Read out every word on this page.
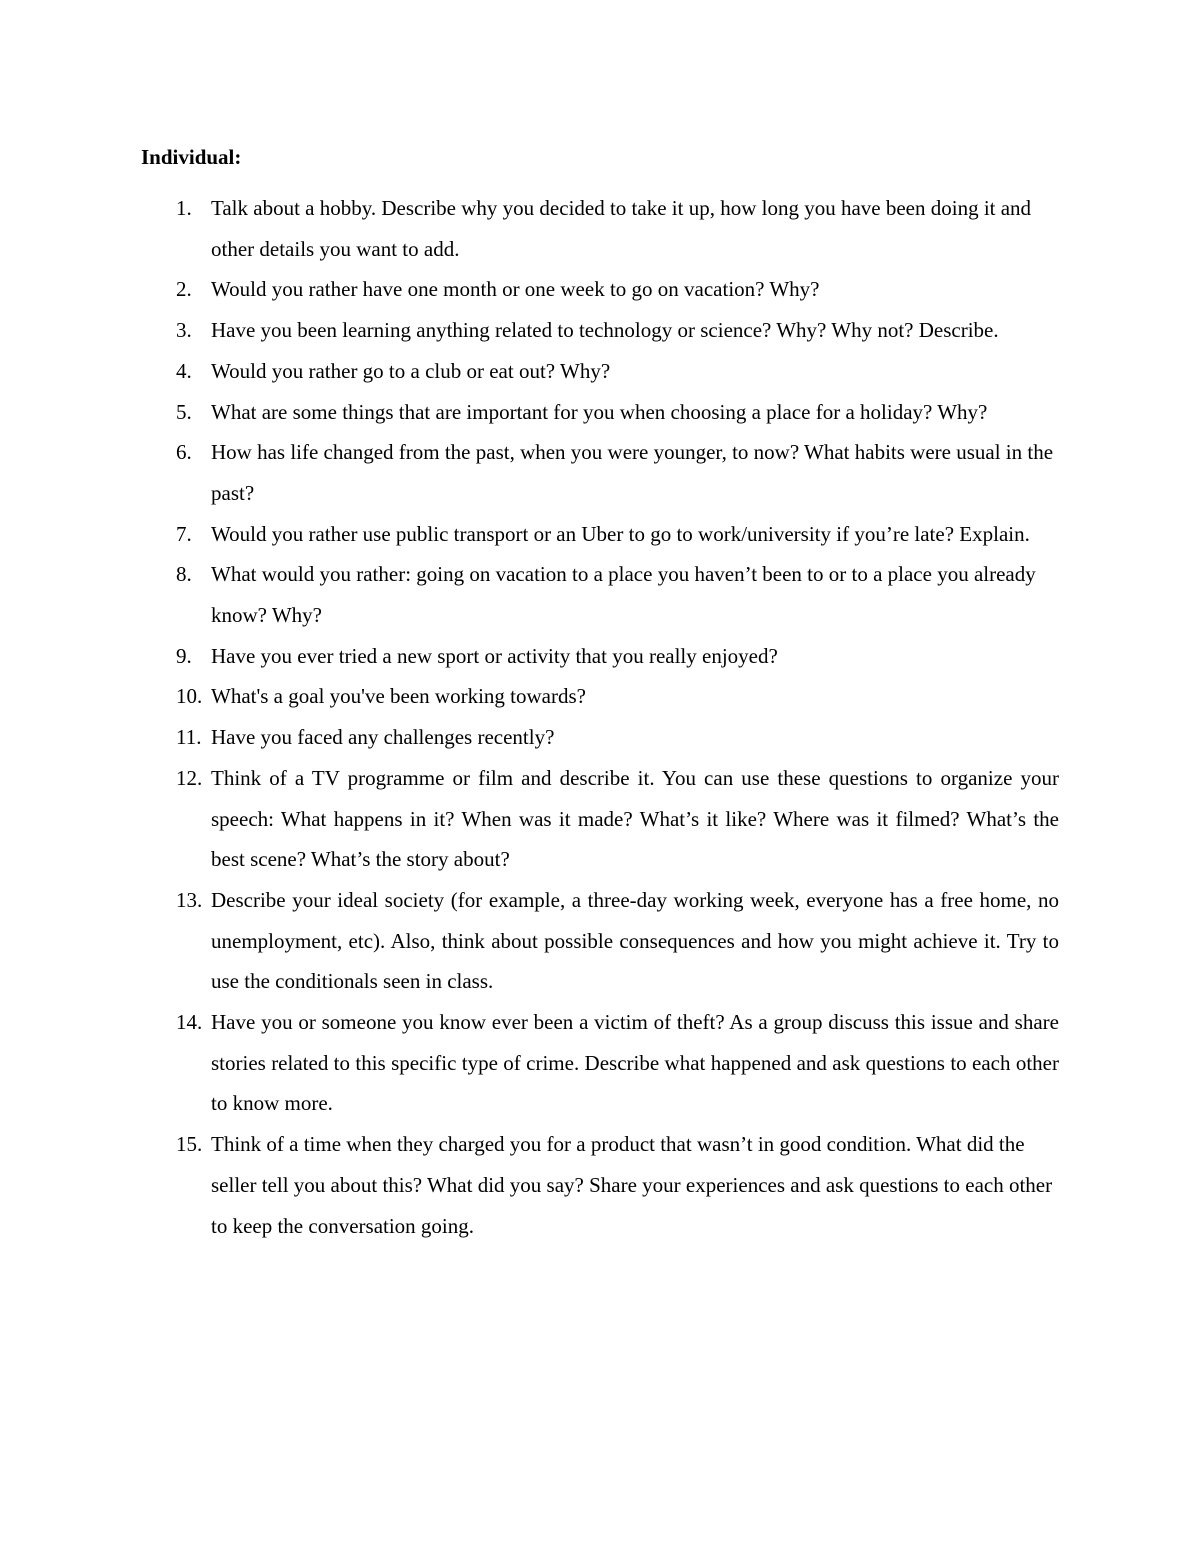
Individual:
1. Talk about a hobby. Describe why you decided to take it up, how long you have been doing it and other details you want to add.
2. Would you rather have one month or one week to go on vacation? Why?
3. Have you been learning anything related to technology or science? Why? Why not? Describe.
4. Would you rather go to a club or eat out? Why?
5. What are some things that are important for you when choosing a place for a holiday? Why?
6. How has life changed from the past, when you were younger, to now? What habits were usual in the past?
7. Would you rather use public transport or an Uber to go to work/university if you’re late? Explain.
8. What would you rather: going on vacation to a place you haven’t been to or to a place you already know? Why?
9. Have you ever tried a new sport or activity that you really enjoyed?
10. What's a goal you've been working towards?
11. Have you faced any challenges recently?
12. Think of a TV programme or film and describe it. You can use these questions to organize your speech: What happens in it? When was it made? What’s it like? Where was it filmed? What’s the best scene? What’s the story about?
13. Describe your ideal society (for example, a three-day working week, everyone has a free home, no unemployment, etc). Also, think about possible consequences and how you might achieve it. Try to use the conditionals seen in class.
14. Have you or someone you know ever been a victim of theft? As a group discuss this issue and share stories related to this specific type of crime. Describe what happened and ask questions to each other to know more.
15. Think of a time when they charged you for a product that wasn’t in good condition. What did the seller tell you about this? What did you say? Share your experiences and ask questions to each other to keep the conversation going.
